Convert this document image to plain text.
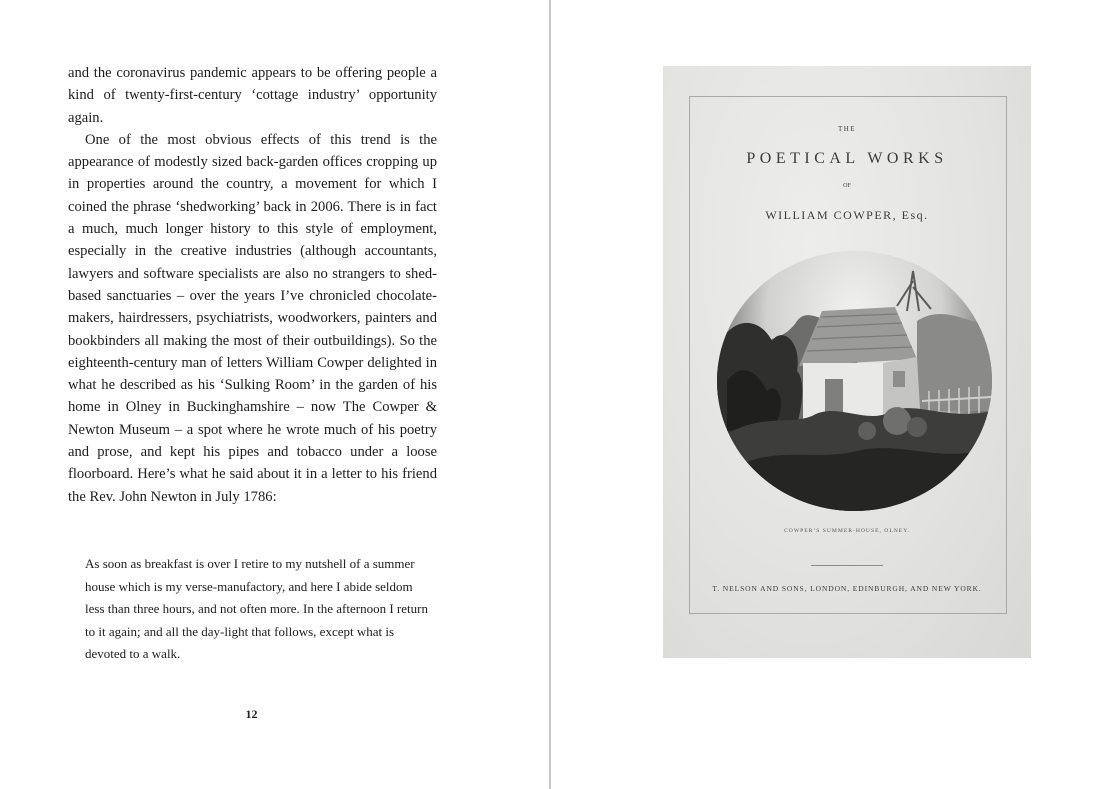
and the coronavirus pandemic appears to be offering people a kind of twenty-first-century ‘cottage industry’ opportunity again.

One of the most obvious effects of this trend is the appearance of modestly sized back-garden offices cropping up in properties around the country, a movement for which I coined the phrase ‘shedworking’ back in 2006. There is in fact a much, much longer history to this style of employment, especially in the creative industries (although accountants, lawyers and software specialists are also no strangers to shed-based sanctuaries – over the years I’ve chronicled chocolate-makers, hairdressers, psychiatrists, woodworkers, painters and bookbinders all making the most of their outbuildings). So the eighteenth-century man of letters William Cowper delighted in what he described as his ‘Sulking Room’ in the garden of his home in Olney in Buckinghamshire – now The Cowper & Newton Museum – a spot where he wrote much of his poetry and prose, and kept his pipes and tobacco under a loose floorboard. Here’s what he said about it in a letter to his friend the Rev. John Newton in July 1786:

As soon as breakfast is over I retire to my nutshell of a summer house which is my verse-manufactory, and here I abide seldom less than three hours, and not often more. In the afternoon I return to it again; and all the day-light that follows, except what is devoted to a walk.

12
THE
POETICAL WORKS
OF
WILLIAM COWPER, Esq.
COWPER’S SUMMER-HOUSE, OLNEY.
T. NELSON AND SONS, LONDON, EDINBURGH, AND NEW YORK.
